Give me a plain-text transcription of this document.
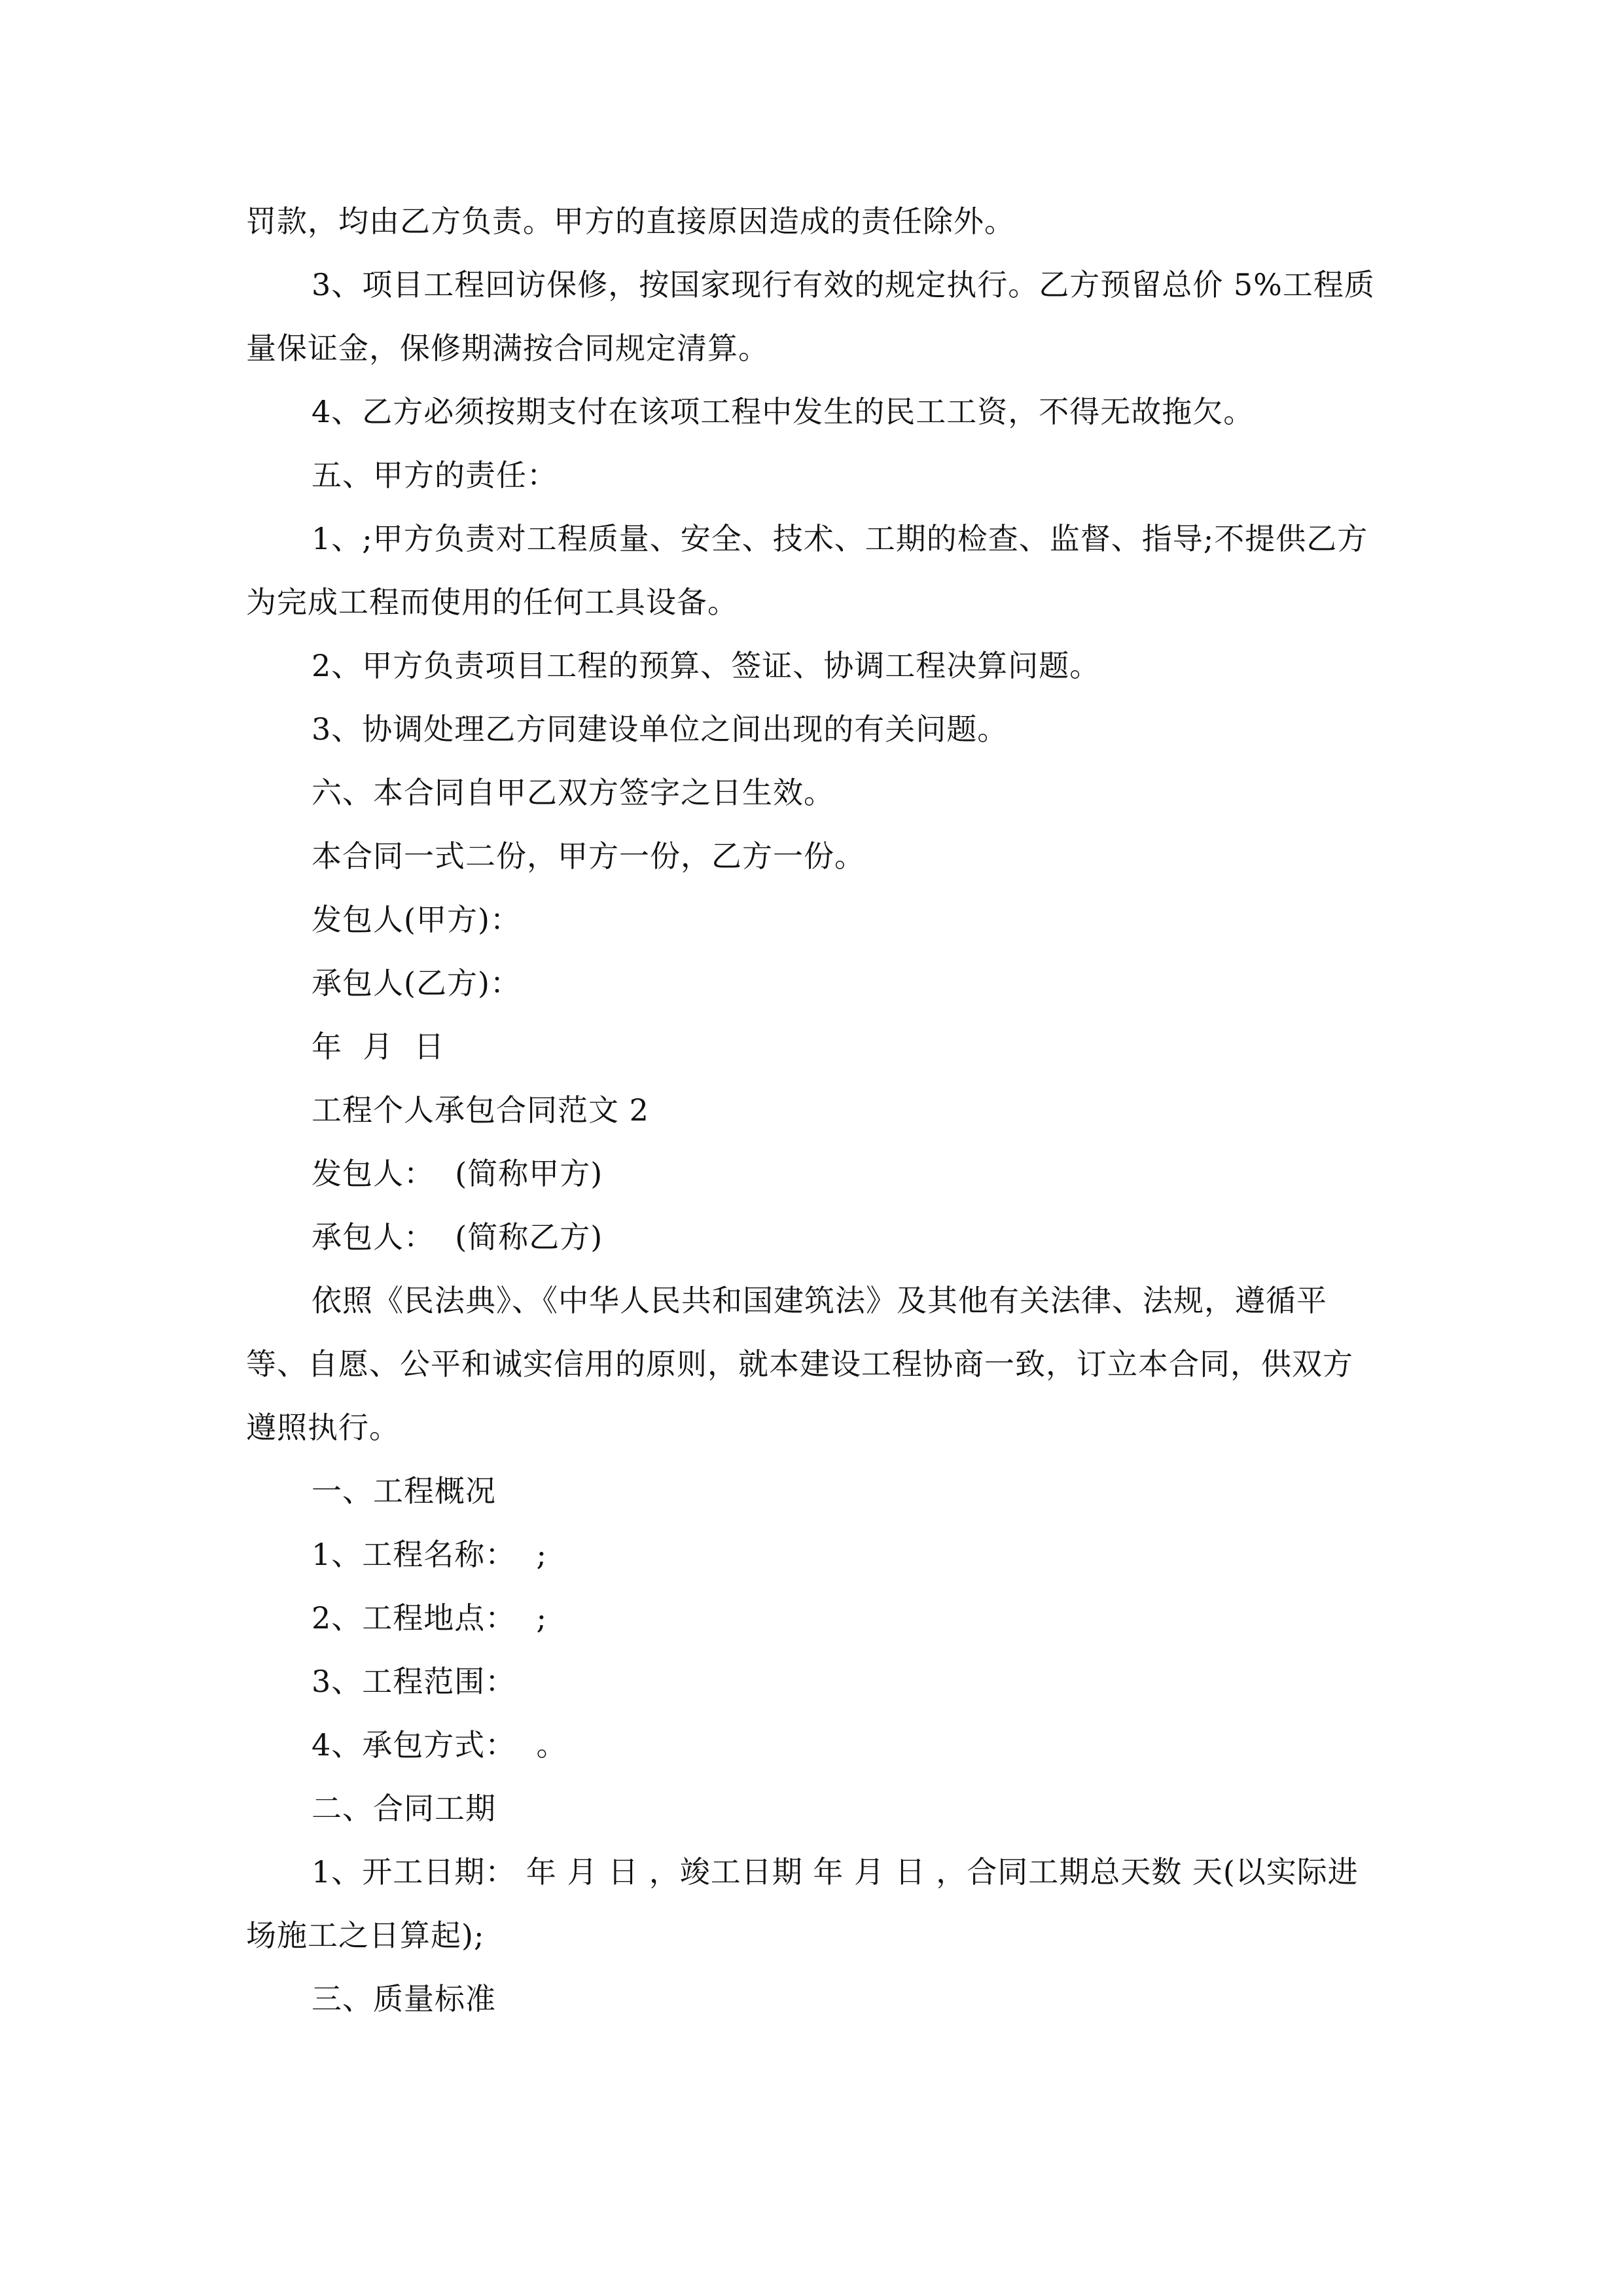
罚款，均由乙方负责。甲方的直接原因造成的责任除外。

3、项目工程回访保修，按国家现行有效的规定执行。乙方预留总价 5%工程质量保证金，保修期满按合同规定清算。

4、乙方必须按期支付在该项工程中发生的民工工资，不得无故拖欠。

五、甲方的责任：

1、;甲方负责对工程质量、安全、技术、工期的检查、监督、指导;不提供乙方为完成工程而使用的任何工具设备。

2、甲方负责项目工程的预算、签证、协调工程决算问题。

3、协调处理乙方同建设单位之间出现的有关问题。

六、本合同自甲乙双方签字之日生效。

本合同一式二份，甲方一份，乙方一份。

发包人(甲方)：

承包人(乙方)：

年  月  日

工程个人承包合同范文 2

发包人：  (简称甲方)

承包人：  (简称乙方)

依照《民法典》、《中华人民共和国建筑法》及其他有关法律、法规，遵循平等、自愿、公平和诚实信用的原则，就本建设工程协商一致，订立本合同，供双方遵照执行。

一、工程概况

1、工程名称：  ;

2、工程地点：  ;

3、工程范围：

4、承包方式：  。

二、合同工期

1、开工日期： 年 月 日 ，竣工日期 年 月 日 ，合同工期总天数 天(以实际进场施工之日算起);

三、质量标准
